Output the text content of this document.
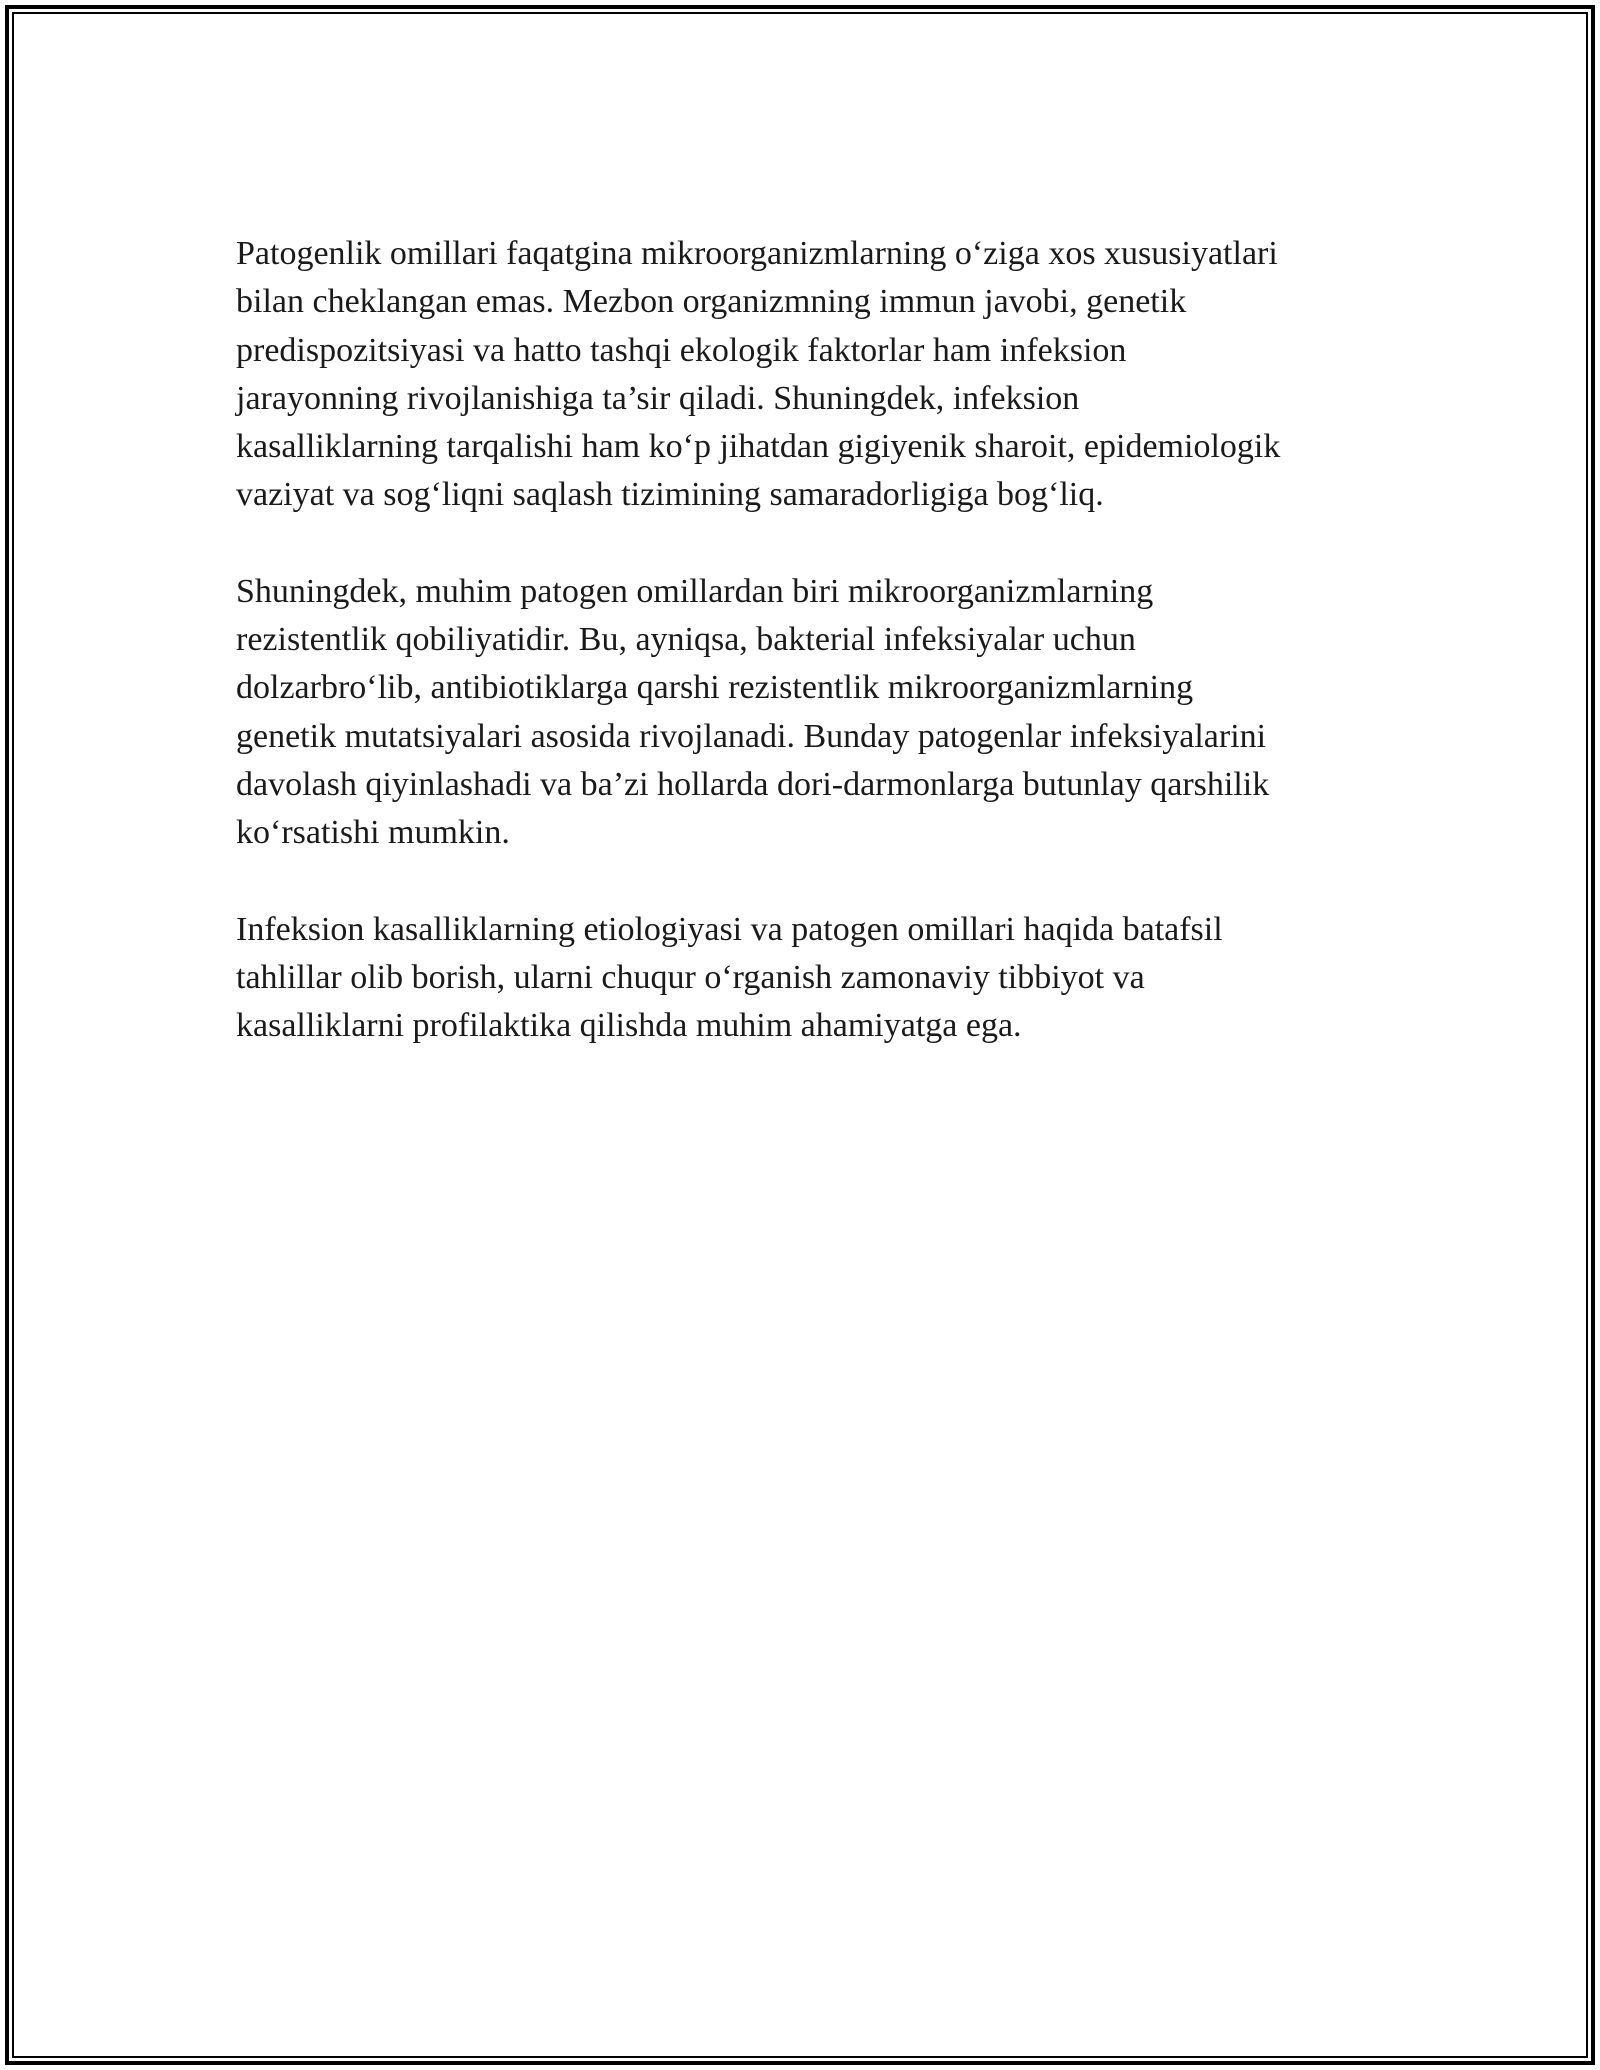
Patogenlik omillari faqatgina mikroorganizmlarning o‘ziga xos xususiyatlari
bilan cheklangan emas. Mezbon organizmning immun javobi, genetik
predispozitsiyasi va hatto tashqi ekologik faktorlar ham infeksion
jarayonning rivojlanishiga ta’sir qiladi. Shuningdek, infeksion
kasalliklarning tarqalishi ham ko‘p jihatdan gigiyenik sharoit, epidemiologik
vaziyat va sog‘liqni saqlash tizimining samaradorligiga bog‘liq.

Shuningdek, muhim patogen omillardan biri mikroorganizmlarning
rezistentlik qobiliyatidir. Bu, ayniqsa, bakterial infeksiyalar uchun
dolzarbro‘lib, antibiotiklarga qarshi rezistentlik mikroorganizmlarning
genetik mutatsiyalari asosida rivojlanadi. Bunday patogenlar infeksiyalarini
davolash qiyinlashadi va ba’zi hollarda dori-darmonlarga butunlay qarshilik
ko‘rsatishi mumkin.

Infeksion kasalliklarning etiologiyasi va patogen omillari haqida batafsil
tahlillar olib borish, ularni chuqur o‘rganish zamonaviy tibbiyot va
kasalliklarni profilaktika qilishda muhim ahamiyatga ega.
